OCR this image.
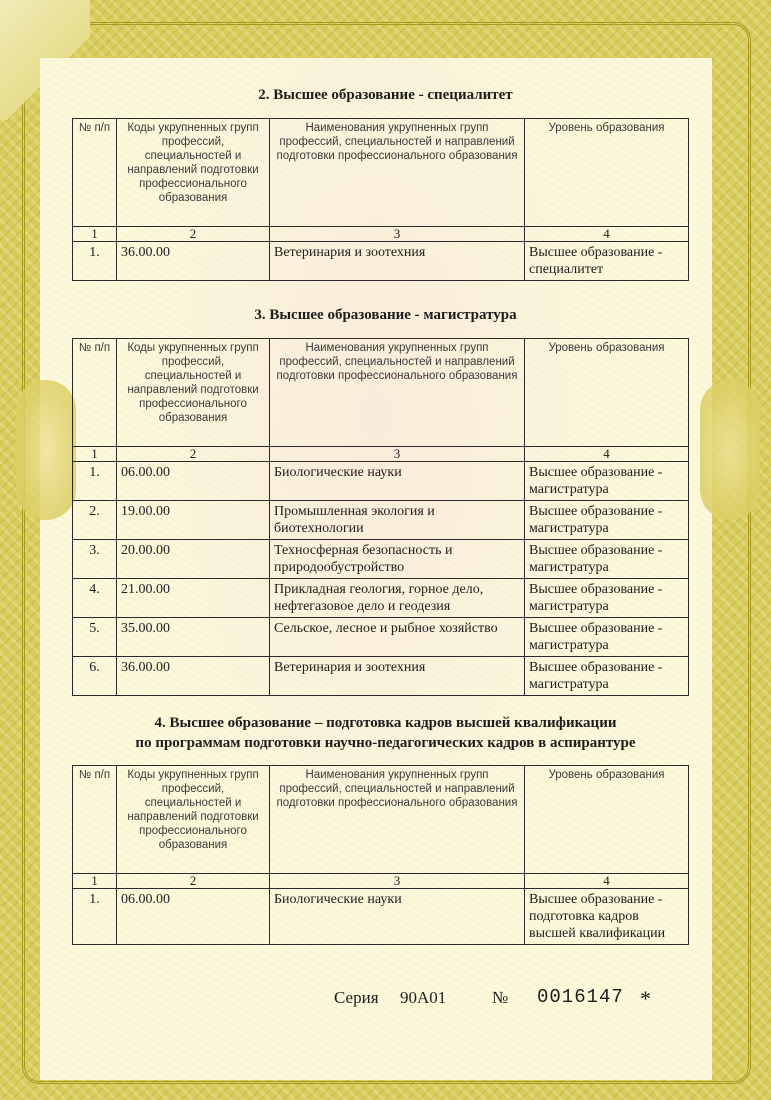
2. Высшее образование - специалитет
№ п/п	Коды укрупненных групп профессий, специальностей и направлений подготовки профессионального образования	Наименования укрупненных групп профессий, специальностей и направлений подготовки профессионального образования	Уровень образования
1	2	3	4
1.	36.00.00	Ветеринария и зоотехния	Высшее образование - специалитет
3. Высшее образование - магистратура
№ п/п	Коды укрупненных групп профессий, специальностей и направлений подготовки профессионального образования	Наименования укрупненных групп профессий, специальностей и направлений подготовки профессионального образования	Уровень образования
1	2	3	4
1.	06.00.00	Биологические науки	Высшее образование - магистратура
2.	19.00.00	Промышленная экология и биотехнологии	Высшее образование - магистратура
3.	20.00.00	Техносферная безопасность и природообустройство	Высшее образование - магистратура
4.	21.00.00	Прикладная геология, горное дело, нефтегазовое дело и геодезия	Высшее образование - магистратура
5.	35.00.00	Сельское, лесное и рыбное хозяйство	Высшее образование - магистратура
6.	36.00.00	Ветеринария и зоотехния	Высшее образование - магистратура
4. Высшее образование – подготовка кадров высшей квалификации
по программам подготовки научно-педагогических кадров в аспирантуре
№ п/п	Коды укрупненных групп профессий, специальностей и направлений подготовки профессионального образования	Наименования укрупненных групп профессий, специальностей и направлений подготовки профессионального образования	Уровень образования
1	2	3	4
1.	06.00.00	Биологические науки	Высшее образование - подготовка кадров высшей квалификации
Серия 90А01	№ 0016147 *
